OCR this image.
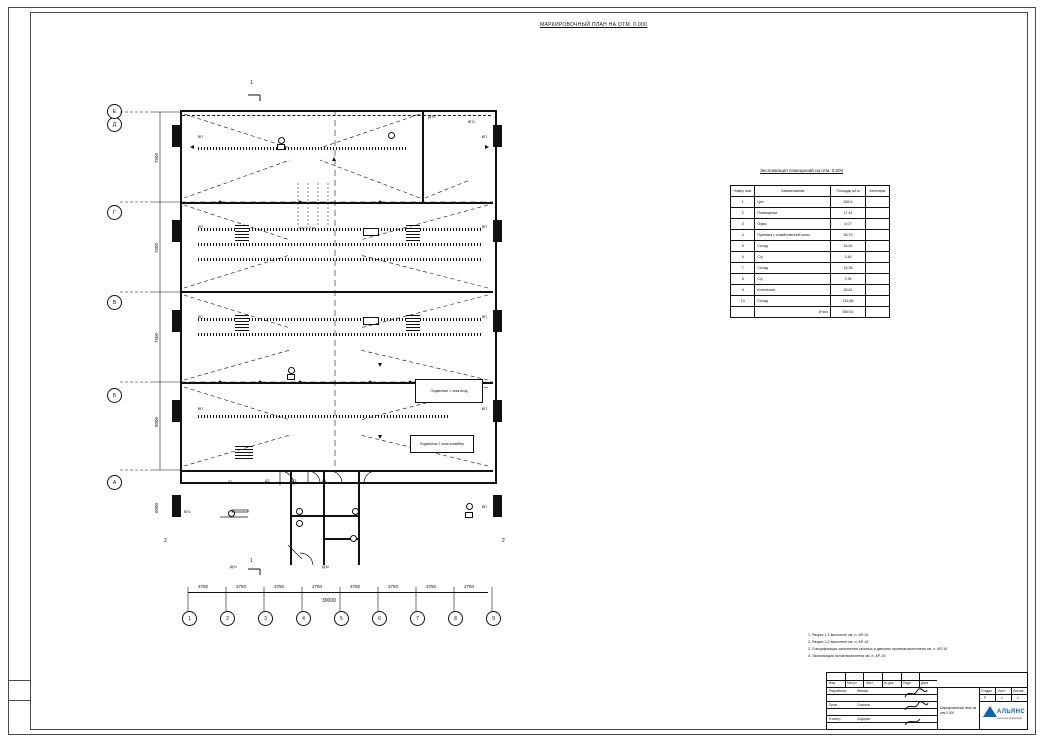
МАРКИРОВОЧНЫЙ ПЛАН НА ОТМ. 0.000
+Ц=3.2 м
Подвесные 1 этаж вход
Подвесные 2 этаж конвейер
Д1	Д2	Д3	Д4
ДН1	ДН2
ДН3
1
1
2	2
1	2	3	4	5	6	7	8	9
3750	3750	3750	3750	3750	3750	3750	3750
30000
А
Б
В
Г
Д
Е
7500
7500
7500
6000
6000
ВП
ВП
ВП
ВП
ВП
ВП
ВП
ВП
ВП
ВП1
ВП1
Экспликация помещений на отм. 0.000
Номер пом.	Наименование	Площадь м2 м	Категория
1	Цех	505,6	
2	Помещение	17,41	
3	Офис	4,07	
4	Приемка с хозяйственной зоны	38,79	
5	Склад	16,54	
6	С/у	3,46	
7	Склад	16,38	
8	С/у	2,96	
9	Котельная	28,61	
10	Склад	115,66	
	Итого	589,51	
1. Разрез 1-1 выполнен см. л. АР-15
2. Разрез 2-2 выполнен см. л. АР-16
3. Спецификация заполнения оконных и дверных проемов выполнена см. л. АР-15
4. Экспликация полов выполнена см. л. АР-15
Изм.	Кол.уч	Лист	№ док	Подп.	Дата
Разработал
Пров.
Н.контр.
Иванов
Соколов
Сидоров
Маркировочный план на отм 0.000
Стадия Лист	Листов
Р	1	1
АЛЬЯНС
проектная организация
